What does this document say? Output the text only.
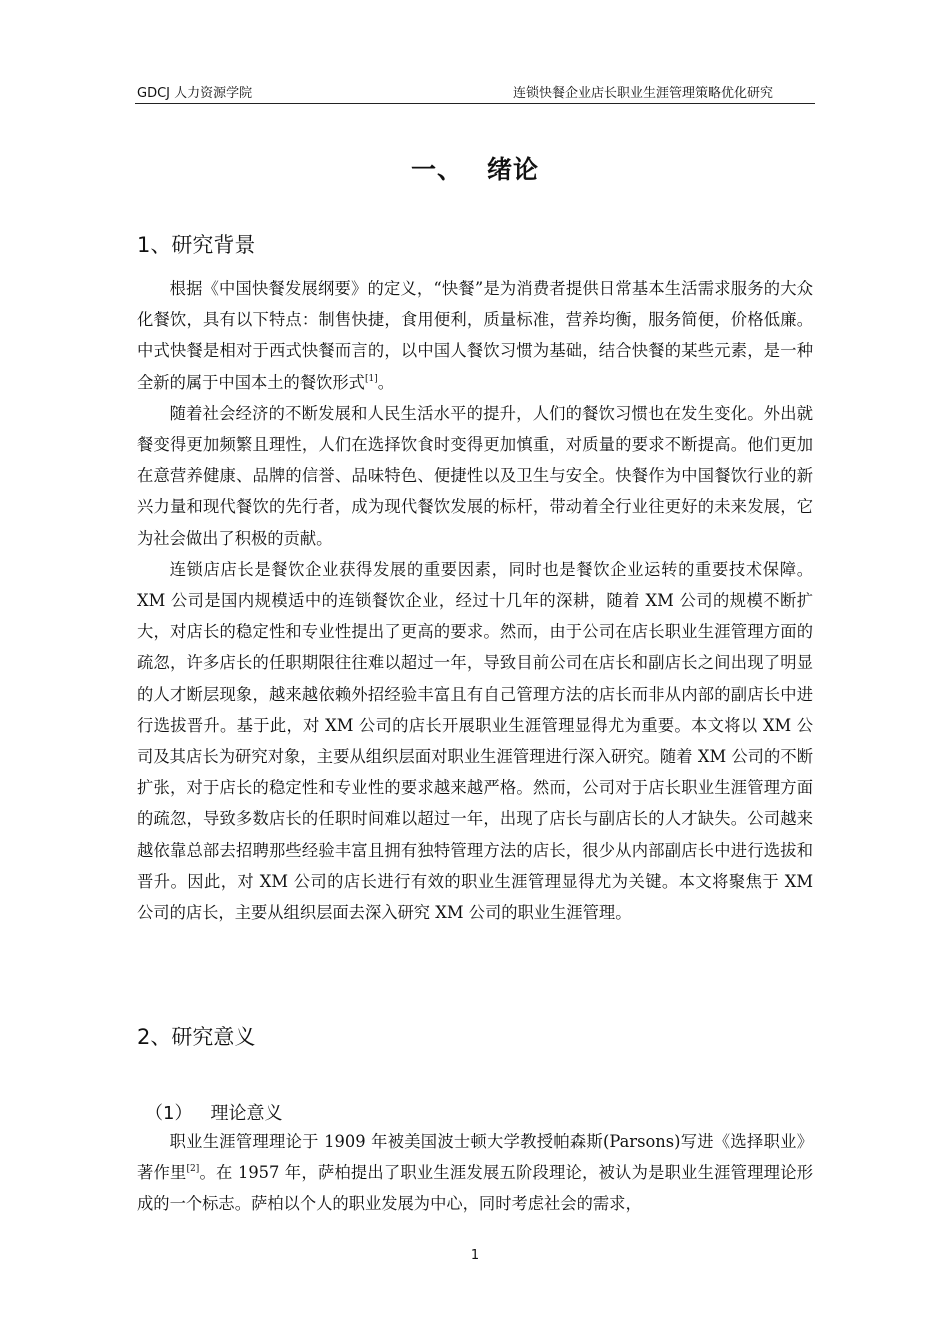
GDCJ 人力资源学院	连锁快餐企业店长职业生涯管理策略优化研究
一、 绪论
1、研究背景

根据《中国快餐发展纲要》的定义，“快餐”是为消费者提供日常基本生活需求服务的大众化餐饮，具有以下特点：制售快捷，食用便利，质量标准，营养均衡，服务简便，价格低廉。中式快餐是相对于西式快餐而言的，以中国人餐饮习惯为基础，结合快餐的某些元素，是一种全新的属于中国本土的餐饮形式[1]。

随着社会经济的不断发展和人民生活水平的提升，人们的餐饮习惯也在发生变化。外出就餐变得更加频繁且理性，人们在选择饮食时变得更加慎重，对质量的要求不断提高。他们更加在意营养健康、品牌的信誉、品味特色、便捷性以及卫生与安全。快餐作为中国餐饮行业的新兴力量和现代餐饮的先行者，成为现代餐饮发展的标杆，带动着全行业往更好的未来发展，它为社会做出了积极的贡献。

连锁店店长是餐饮企业获得发展的重要因素，同时也是餐饮企业运转的重要技术保障。XM 公司是国内规模适中的连锁餐饮企业，经过十几年的深耕，随着 XM 公司的规模不断扩大，对店长的稳定性和专业性提出了更高的要求。然而，由于公司在店长职业生涯管理方面的疏忽，许多店长的任职期限往往难以超过一年，导致目前公司在店长和副店长之间出现了明显的人才断层现象，越来越依赖外招经验丰富且有自己管理方法的店长而非从内部的副店长中进行选拔晋升。基于此，对 XM 公司的店长开展职业生涯管理显得尤为重要。本文将以 XM 公司及其店长为研究对象，主要从组织层面对职业生涯管理进行深入研究。随着 XM 公司的不断扩张，对于店长的稳定性和专业性的要求越来越严格。然而，公司对于店长职业生涯管理方面的疏忽，导致多数店长的任职时间难以超过一年，出现了店长与副店长的人才缺失。公司越来越依靠总部去招聘那些经验丰富且拥有独特管理方法的店长，很少从内部副店长中进行选拔和晋升。因此，对 XM 公司的店长进行有效的职业生涯管理显得尤为关键。本文将聚焦于 XM 公司的店长，主要从组织层面去深入研究 XM 公司的职业生涯管理。

2、研究意义
（1） 理论意义

职业生涯管理理论于 1909 年被美国波士顿大学教授帕森斯(Parsons)写进《选择职业》著作里[2]。在 1957 年，萨柏提出了职业生涯发展五阶段理论，被认为是职业生涯管理理论形成的一个标志。萨柏以个人的职业发展为中心，同时考虑社会的需求，

1
